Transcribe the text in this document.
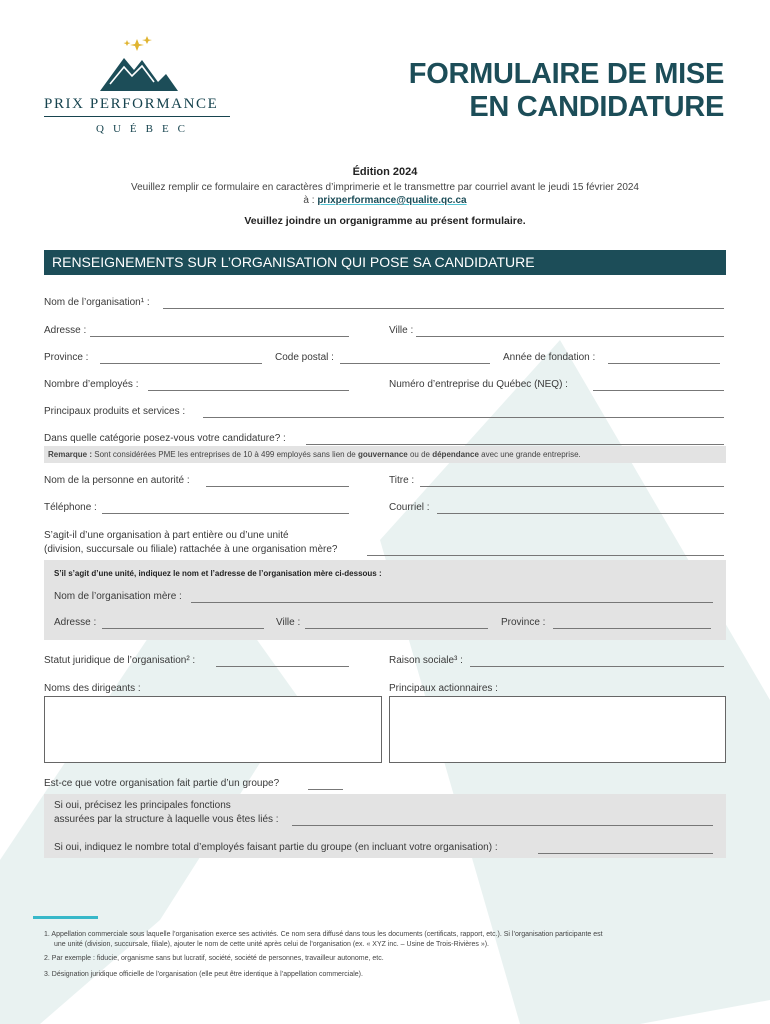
PRIX PERFORMANCE
QUÉBEC
FORMULAIRE DE MISE
EN CANDIDATURE
Édition 2024
Veuillez remplir ce formulaire en caractères d’imprimerie et le transmettre par courriel avant le jeudi 15 février 2024
à : prixperformance@qualite.qc.ca
Veuillez joindre un organigramme au présent formulaire.
RENSEIGNEMENTS SUR L’ORGANISATION QUI POSE SA CANDIDATURE
Nom de l’organisation¹ :
Adresse :	Ville :
Province :	Code postal :	Année de fondation :
Nombre d’employés :	Numéro d’entreprise du Québec (NEQ) :
Principaux produits et services :
Dans quelle catégorie posez-vous votre candidature? :
Remarque : Sont considérées PME les entreprises de 10 à 499 employés sans lien de gouvernance ou de dépendance avec une grande entreprise.
Nom de la personne en autorité :	Titre :
Téléphone :	Courriel :
S’agit-il d’une organisation à part entière ou d’une unité
(division, succursale ou filiale) rattachée à une organisation mère?
S’il s’agit d’une unité, indiquez le nom et l’adresse de l’organisation mère ci-dessous :
Nom de l’organisation mère :
Adresse :	Ville :	Province :
Statut juridique de l’organisation² :	Raison sociale³ :
Noms des dirigeants :	Principaux actionnaires :
Est-ce que votre organisation fait partie d’un groupe?
Si oui, précisez les principales fonctions
assurées par la structure à laquelle vous êtes liés :
Si oui, indiquez le nombre total d’employés faisant partie du groupe (en incluant votre organisation) :
1. Appellation commerciale sous laquelle l’organisation exerce ses activités. Ce nom sera diffusé dans tous les documents (certificats, rapport, etc.). Si l’organisation participante est
une unité (division, succursale, filiale), ajouter le nom de cette unité après celui de l’organisation (ex. « XYZ inc. – Usine de Trois-Rivières »).
2. Par exemple : fiducie, organisme sans but lucratif, société, société de personnes, travailleur autonome, etc.
3. Désignation juridique officielle de l’organisation (elle peut être identique à l’appellation commerciale).
